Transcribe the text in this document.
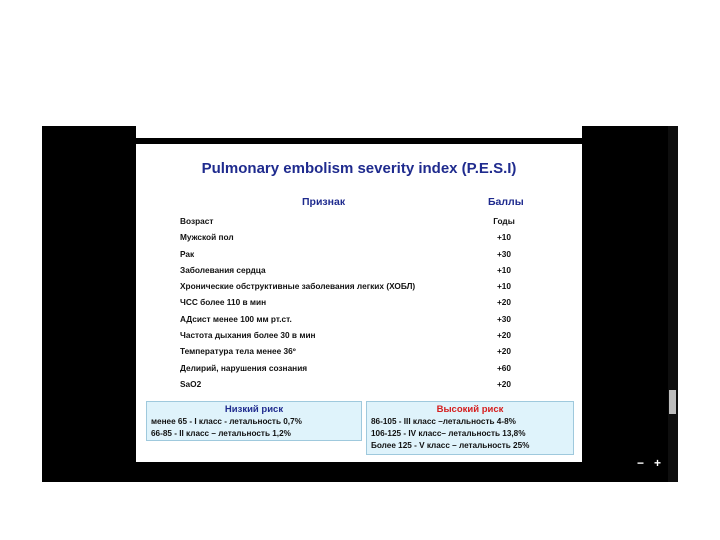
Pulmonary embolism severity index (P.E.S.I)
Признак	Баллы
Возраст	Годы
Мужской пол	+10
Рак	+30
Заболевания сердца	+10
Хронические обструктивные заболевания легких (ХОБЛ)	+10
ЧСС более 110 в мин	+20
АДсист менее 100 мм рт.ст.	+30
Частота дыхания более 30 в мин	+20
Температура тела менее 36º	+20
Делирий, нарушения сознания	+60
SaO2	+20
Низкий риск
менее 65 - I класс - летальность 0,7%
66-85 - II класс – летальность 1,2%
Высокий риск
86-105 - III класс –летальность 4-8%
106-125 - IV класс– летальность 13,8%
Более 125 - V класс – летальность 25%
− +
